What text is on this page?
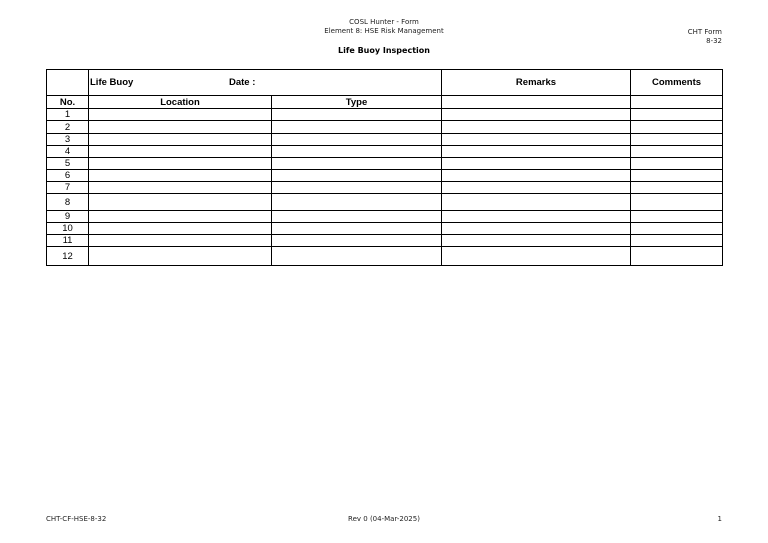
COSL Hunter - Form
Element 8: HSE Risk Management
Life Buoy Inspection
CHT Form
8-32

	Life Buoy Date :		Remarks	Comments
No.	Location	Type		
1				
2				
3				
4				
5				
6				
7				
8				
9				
10				
11				
12				
CHT-CF-HSE-8-32	Rev 0 (04-Mar-2025)	1
